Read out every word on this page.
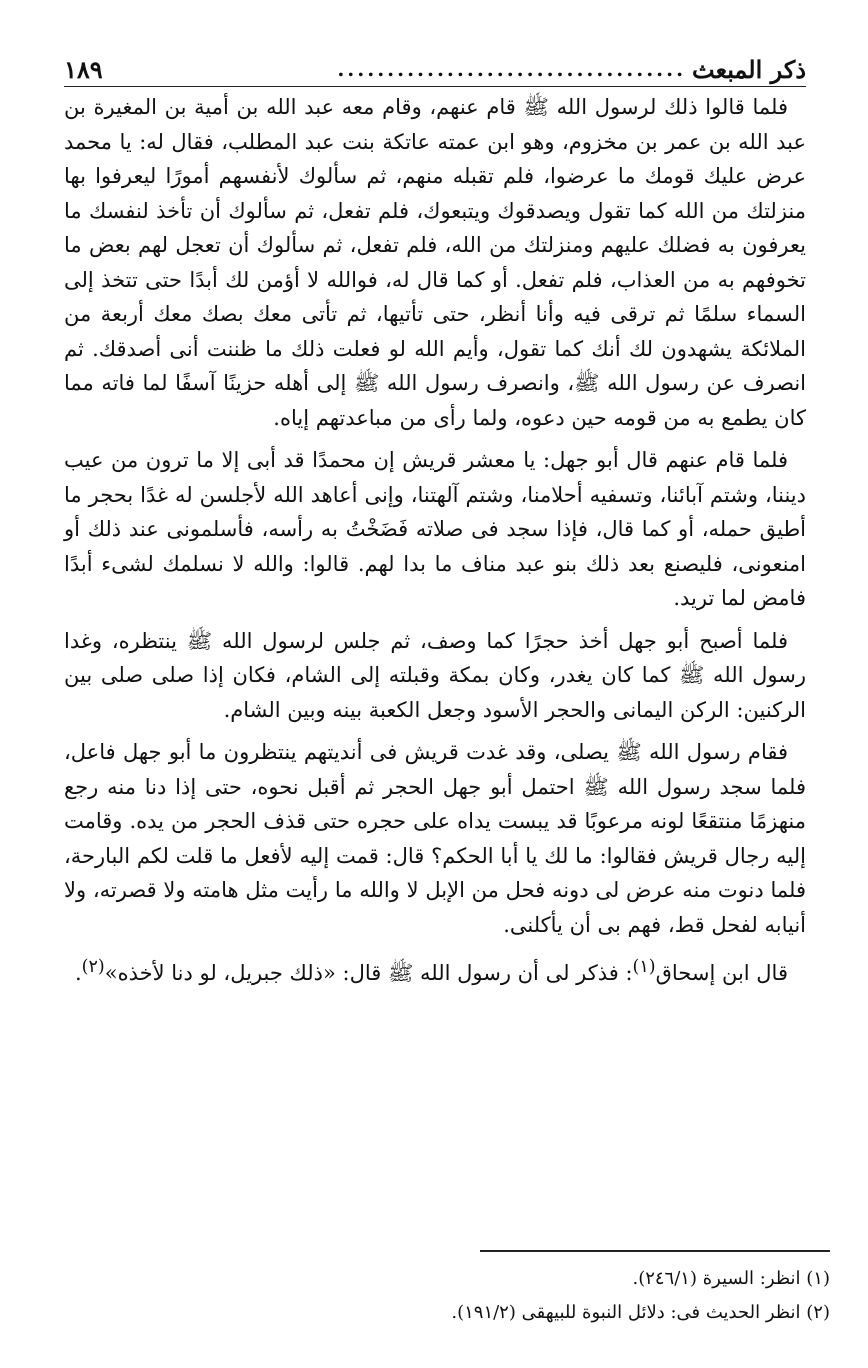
ذكر المبعث
...................................
١٨٩

فلما قالوا ذلك لرسول الله ﷺ قام عنهم، وقام معه عبد الله بن أمية بن المغيرة بن عبد الله بن عمر بن مخزوم، وهو ابن عمته عاتكة بنت عبد المطلب، فقال له: يا محمد عرض عليك قومك ما عرضوا، فلم تقبله منهم، ثم سألوك لأنفسهم أمورًا ليعرفوا بها منزلتك من الله كما تقول ويصدقوك ويتبعوك، فلم تفعل، ثم سألوك أن تأخذ لنفسك ما يعرفون به فضلك عليهم ومنزلتك من الله، فلم تفعل، ثم سألوك أن تعجل لهم بعض ما تخوفهم به من العذاب، فلم تفعل. أو كما قال له، فوالله لا أؤمن لك أبدًا حتى تتخذ إلى السماء سلمًا ثم ترقى فيه وأنا أنظر، حتى تأتيها، ثم تأتى معك بصك معك أربعة من الملائكة يشهدون لك أنك كما تقول، وأيم الله لو فعلت ذلك ما ظننت أنى أصدقك. ثم انصرف عن رسول الله ﷺ، وانصرف رسول الله ﷺ إلى أهله حزينًا آسفًا لما فاته مما كان يطمع به من قومه حين دعوه، ولما رأى من مباعدتهم إياه.

فلما قام عنهم قال أبو جهل: يا معشر قريش إن محمدًا قد أبى إلا ما ترون من عيب ديننا، وشتم آبائنا، وتسفيه أحلامنا، وشتم آلهتنا، وإنى أعاهد الله لأجلسن له غدًا بحجر ما أطيق حمله، أو كما قال، فإذا سجد فى صلاته فَضَخْتُ به رأسه، فأسلمونى عند ذلك أو امنعونى، فليصنع بعد ذلك بنو عبد مناف ما بدا لهم. قالوا: والله لا نسلمك لشىء أبدًا فامض لما تريد.

فلما أصبح أبو جهل أخذ حجرًا كما وصف، ثم جلس لرسول الله ﷺ ينتظره، وغدا رسول الله ﷺ كما كان يغدر، وكان بمكة وقبلته إلى الشام، فكان إذا صلى صلى بين الركنين: الركن اليمانى والحجر الأسود وجعل الكعبة بينه وبين الشام.

فقام رسول الله ﷺ يصلى، وقد غدت قريش فى أنديتهم ينتظرون ما أبو جهل فاعل، فلما سجد رسول الله ﷺ احتمل أبو جهل الحجر ثم أقبل نحوه، حتى إذا دنا منه رجع منهزمًا منتقعًا لونه مرعوبًا قد يبست يداه على حجره حتى قذف الحجر من يده. وقامت إليه رجال قريش فقالوا: ما لك يا أبا الحكم؟ قال: قمت إليه لأفعل ما قلت لكم البارحة، فلما دنوت منه عرض لى دونه فحل من الإبل لا والله ما رأيت مثل هامته ولا قصرته، ولا أنيابه لفحل قط، فهم بى أن يأكلنى.

قال ابن إسحاق$^{(١)}$: فذكر لى أن رسول الله ﷺ قال: «ذلك جبريل، لو دنا لأخذه»$^{(٢)}$.

(١) انظر: السيرة (٢٤٦/١).

(٢) انظر الحديث فى: دلائل النبوة للبيهقى (١٩١/٢).
